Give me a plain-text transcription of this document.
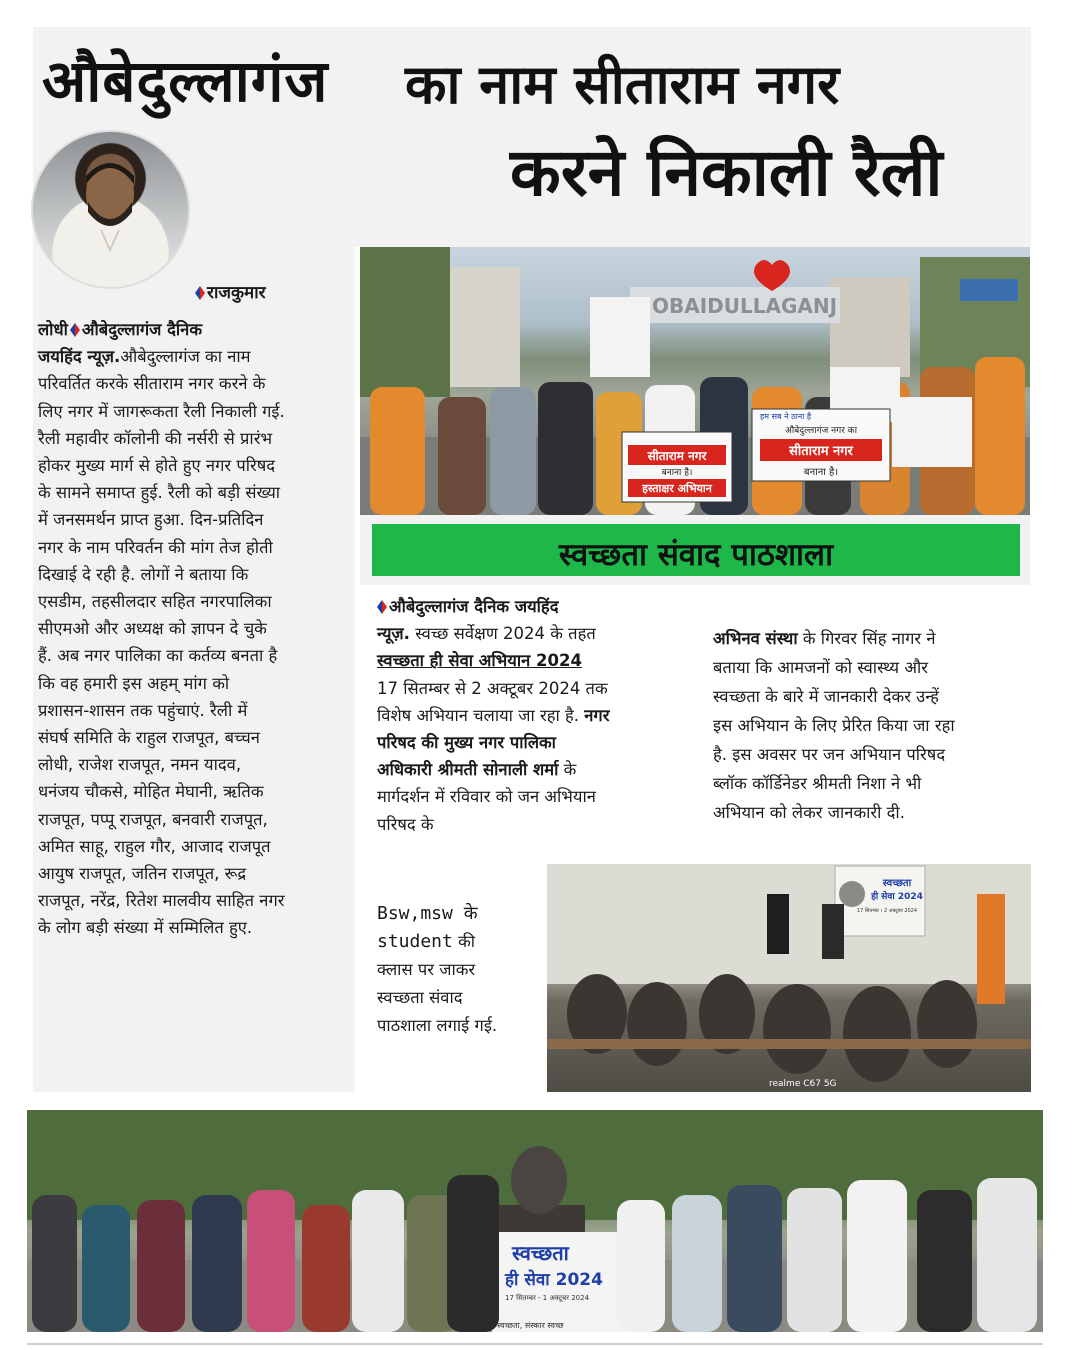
औबेदुल्लागंज का नाम सीताराम नगर
करने निकाली रैली
राजकुमार
लोधी औबेदुल्लागंज दैनिक
जयहिंद न्यूज़.औबेदुल्लागंज का नाम
परिवर्तित करके सीताराम नगर करने के
लिए नगर में जागरूकता रैली निकाली गई.
रैली महावीर कॉलोनी की नर्सरी से प्रारंभ
होकर मुख्य मार्ग से होते हुए नगर परिषद
के सामने समाप्त हुई. रैली को बड़ी संख्या
में जनसमर्थन प्राप्त हुआ. दिन-प्रतिदिन
नगर के नाम परिवर्तन की मांग तेज होती
दिखाई दे रही है. लोगों ने बताया कि
एसडीम, तहसीलदार सहित नगरपालिका
सीएमओ और अध्यक्ष को ज्ञापन दे चुके
हैं. अब नगर पालिका का कर्तव्य बनता है
कि वह हमारी इस अहम् मांग को
प्रशासन-शासन तक पहुंचाएं. रैली में
संघर्ष समिति के राहुल राजपूत, बच्चन
लोधी, राजेश राजपूत, नमन यादव,
धनंजय चौकसे, मोहित मेघानी, ऋतिक
राजपूत, पप्पू राजपूत, बनवारी राजपूत,
अमित साहू, राहुल गौर, आजाद राजपूत
आयुष राजपूत, जतिन राजपूत, रूद्र
राजपूत, नरेंद्र, रितेश मालवीय साहित नगर
के लोग बड़ी संख्या में सम्मिलित हुए.
OBAIDULLAGANJ
सीताराम नगर
बनाना है।
हस्ताक्षर अभियान
हम सब ने ठाना है
औबेदुल्लागंज नगर का
सीताराम नगर
बनाना है।
स्वच्छता संवाद पाठशाला
औबेदुल्लागंज दैनिक जयहिंद
न्यूज़. स्वच्छ सर्वेक्षण 2024 के तहत
स्वच्छता ही सेवा अभियान 2024
17 सितम्बर से 2 अक्टूबर 2024 तक
विशेष अभियान चलाया जा रहा है. नगर
परिषद की मुख्य नगर पालिका
अधिकारी श्रीमती सोनाली शर्मा के
मार्गदर्शन में रविवार को जन अभियान
परिषद के
Bsw,msw के
student की
क्लास पर जाकर
स्वच्छता संवाद
पाठशाला लगाई गई.
अभिनव संस्था के गिरवर सिंह नागर ने
बताया कि आमजनों को स्वास्थ्य और
स्वच्छता के बारे में जानकारी देकर उन्हें
इस अभियान के लिए प्रेरित किया जा रहा
है. इस अवसर पर जन अभियान परिषद
ब्लॉक कॉर्डिनेडर श्रीमती निशा ने भी
अभियान को लेकर जानकारी दी.
स्वच्छता
ही सेवा 2024
17 सितम्बर । 2 अक्टूबर 2024
realme C67 5G
स्वच्छता
ही सेवा 2024
17 सितम्बर - 1 अक्टूबर 2024
स्वच्छता, संस्कार स्वच्छ
